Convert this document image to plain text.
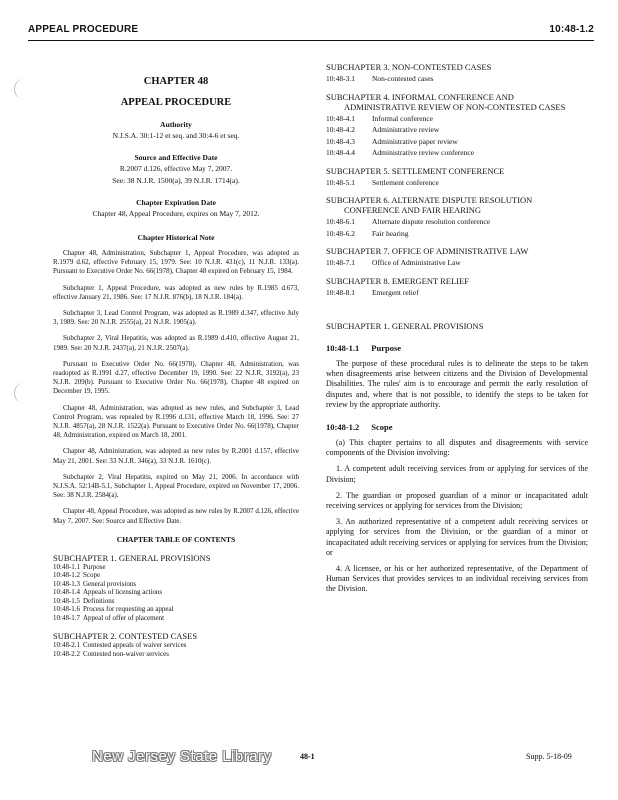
APPEAL PROCEDURE	10:48-1.2
CHAPTER 48
APPEAL PROCEDURE
Authority
N.J.S.A. 30:1-12 et seq. and 30:4-6 et seq.
Source and Effective Date
R.2007 d.126, effective May 7, 2007.
See: 38 N.J.R. 1500(a), 39 N.J.R. 1714(a).
Chapter Expiration Date
Chapter 48, Appeal Procedure, expires on May 7, 2012.
Chapter Historical Note

Chapter 48, Administration, Subchapter 1, Appeal Procedure, was adopted as R.1979 d.62, effective February 15, 1979. See: 10 N.J.R. 431(c), 11 N.J.R. 133(a). Pursuant to Executive Order No. 66(1978), Chapter 48 expired on February 15, 1984.

Subchapter 1, Appeal Procedure, was adopted as new rules by R.1985 d.673, effective January 21, 1986. See: 17 N.J.R. 876(b), 18 N.J.R. 184(a).

Subchapter 3, Lead Control Program, was adopted as R.1989 d.347, effective July 3, 1989. See: 20 N.J.R. 2555(a), 21 N.J.R. 1905(a).

Subchapter 2, Viral Hepatitis, was adopted as R.1989 d.410, effective August 21, 1989. See: 20 N.J.R. 2437(a), 21 N.J.R. 2507(a).

Pursuant to Executive Order No. 66(1978), Chapter 48, Administration, was readopted as R.1991 d.27, effective December 19, 1990. See: 22 N.J.R. 3192(a), 23 N.J.R. 209(b). Pursuant to Executive Order No. 66(1978), Chapter 48 expired on December 19, 1995.

Chapter 48, Administration, was adopted as new rules, and Subchapter 3, Lead Control Program, was repealed by R.1996 d.131, effective March 18, 1996. See: 27 N.J.R. 4857(a), 28 N.J.R. 1522(a). Pursuant to Executive Order No. 66(1978), Chapter 48, Administration, expired on March 18, 2001.

Chapter 48, Administration, was adopted as new rules by R.2001 d.157, effective May 21, 2001. See: 33 N.J.R. 346(a), 33 N.J.R. 1610(c).

Subchapter 2, Viral Hepatitis, expired on May 21, 2006. In accordance with N.J.S.A. 52:14B-5.1, Subchapter 1, Appeal Procedure, expired on November 17, 2006. See: 38 N.J.R. 2584(a).

Chapter 48, Appeal Procedure, was adopted as new rules by R.2007 d.126, effective May 7, 2007. See: Source and Effective Date.

CHAPTER TABLE OF CONTENTS
SUBCHAPTER 1. GENERAL PROVISIONS
10:48-1.1 Purpose
10:48-1.2 Scope
10:48-1.3 General provisions
10:48-1.4 Appeals of licensing actions
10:48-1.5 Definitions
10:48-1.6 Process for requesting an appeal
10:48-1.7 Appeal of offer of placement
SUBCHAPTER 2. CONTESTED CASES
10:48-2.1 Contested appeals of waiver services
10:48-2.2 Contested non-waiver services
SUBCHAPTER 3. NON-CONTESTED CASES
10:48-3.1	Non-contested cases
SUBCHAPTER 4. INFORMAL CONFERENCE AND
ADMINISTRATIVE REVIEW OF NON-CONTESTED CASES
10:48-4.1	Informal conference
10:48-4.2	Administrative review
10:48-4.3	Administrative paper review
10:48-4.4	Administrative review conference
SUBCHAPTER 5. SETTLEMENT CONFERENCE
10:48-5.1	Settlement conference
SUBCHAPTER 6. ALTERNATE DISPUTE RESOLUTION
CONFERENCE AND FAIR HEARING
10:48-6.1	Alternate dispute resolution conference
10:48-6.2	Fair hearing
SUBCHAPTER 7. OFFICE OF ADMINISTRATIVE LAW
10:48-7.1	Office of Administrative Law
SUBCHAPTER 8. EMERGENT RELIEF
10:48-8.1	Emergent relief
SUBCHAPTER 1. GENERAL PROVISIONS
10:48-1.1 Purpose

The purpose of these procedural rules is to delineate the steps to be taken when disagreements arise between citizens and the Division of Developmental Disabilities. The rules' aim is to encourage and permit the early resolution of disputes and, where that is not possible, to identify the steps to be taken for review by the appropriate authority.

10:48-1.2 Scope

(a) This chapter pertains to all disputes and disagreements with service components of the Division involving:

1. A competent adult receiving services from or applying for services of the Division;

2. The guardian or proposed guardian of a minor or incapacitated adult receiving services or applying for services from the Division;

3. An authorized representative of a competent adult receiving services or applying for services from the Division, or the guardian of a minor or incapacitated adult receiving services or applying for services from the Division; or

4. A licensee, or his or her authorized representative, of the Department of Human Services that provides services to an individual receiving services from the Division.

New Jersey State Library	48-1	Supp. 5-18-09
